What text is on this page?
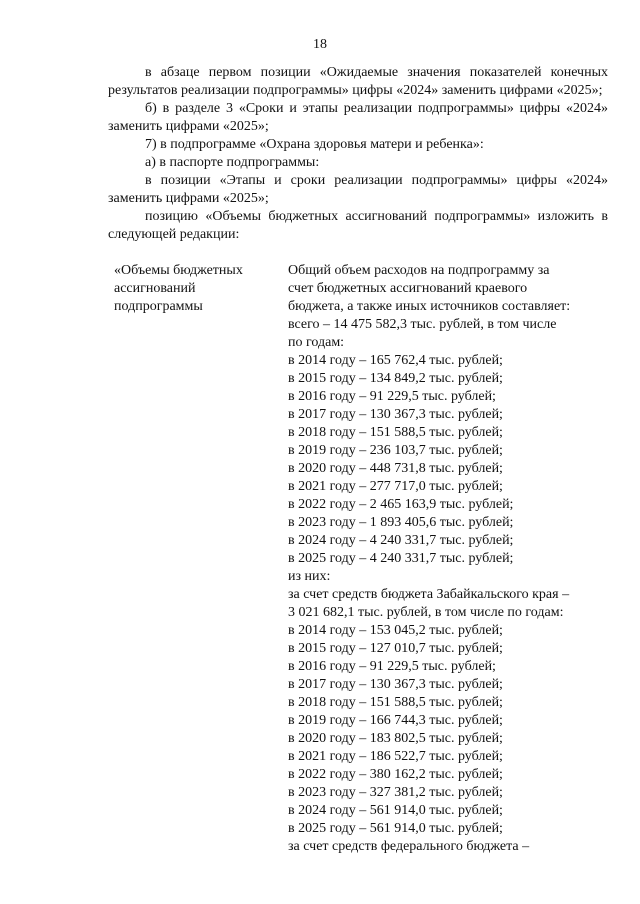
18

в абзаце первом позиции «Ожидаемые значения показателей конечных результатов реализации подпрограммы» цифры «2024» заменить цифрами «2025»;

б) в разделе 3 «Сроки и этапы реализации подпрограммы» цифры «2024» заменить цифрами «2025»;

7) в подпрограмме «Охрана здоровья матери и ребенка»:

а) в паспорте подпрограммы:

в позиции «Этапы и сроки реализации подпрограммы» цифры «2024» заменить цифрами «2025»;

позицию «Объемы бюджетных ассигнований подпрограммы» изложить в следующей редакции:

«Объемы бюджетных
ассигнований
подпрограммы
Общий объем расходов на подпрограмму за
счет бюджетных ассигнований краевого
бюджета, а также иных источников составляет:
всего – 14 475 582,3 тыс. рублей, в том числе
по годам:
в 2014 году – 165 762,4 тыс. рублей;
в 2015 году – 134 849,2 тыс. рублей;
в 2016 году – 91 229,5 тыс. рублей;
в 2017 году – 130 367,3 тыс. рублей;
в 2018 году – 151 588,5 тыс. рублей;
в 2019 году – 236 103,7 тыс. рублей;
в 2020 году – 448 731,8 тыс. рублей;
в 2021 году – 277 717,0 тыс. рублей;
в 2022 году – 2 465 163,9 тыс. рублей;
в 2023 году – 1 893 405,6 тыс. рублей;
в 2024 году – 4 240 331,7 тыс. рублей;
в 2025 году – 4 240 331,7 тыс. рублей;
из них:
за счет средств бюджета Забайкальского края –
3 021 682,1 тыс. рублей, в том числе по годам:
в 2014 году – 153 045,2 тыс. рублей;
в 2015 году – 127 010,7 тыс. рублей;
в 2016 году – 91 229,5 тыс. рублей;
в 2017 году – 130 367,3 тыс. рублей;
в 2018 году – 151 588,5 тыс. рублей;
в 2019 году – 166 744,3 тыс. рублей;
в 2020 году – 183 802,5 тыс. рублей;
в 2021 году – 186 522,7 тыс. рублей;
в 2022 году – 380 162,2 тыс. рублей;
в 2023 году – 327 381,2 тыс. рублей;
в 2024 году – 561 914,0 тыс. рублей;
в 2025 году – 561 914,0 тыс. рублей;
за счет средств федерального бюджета –
